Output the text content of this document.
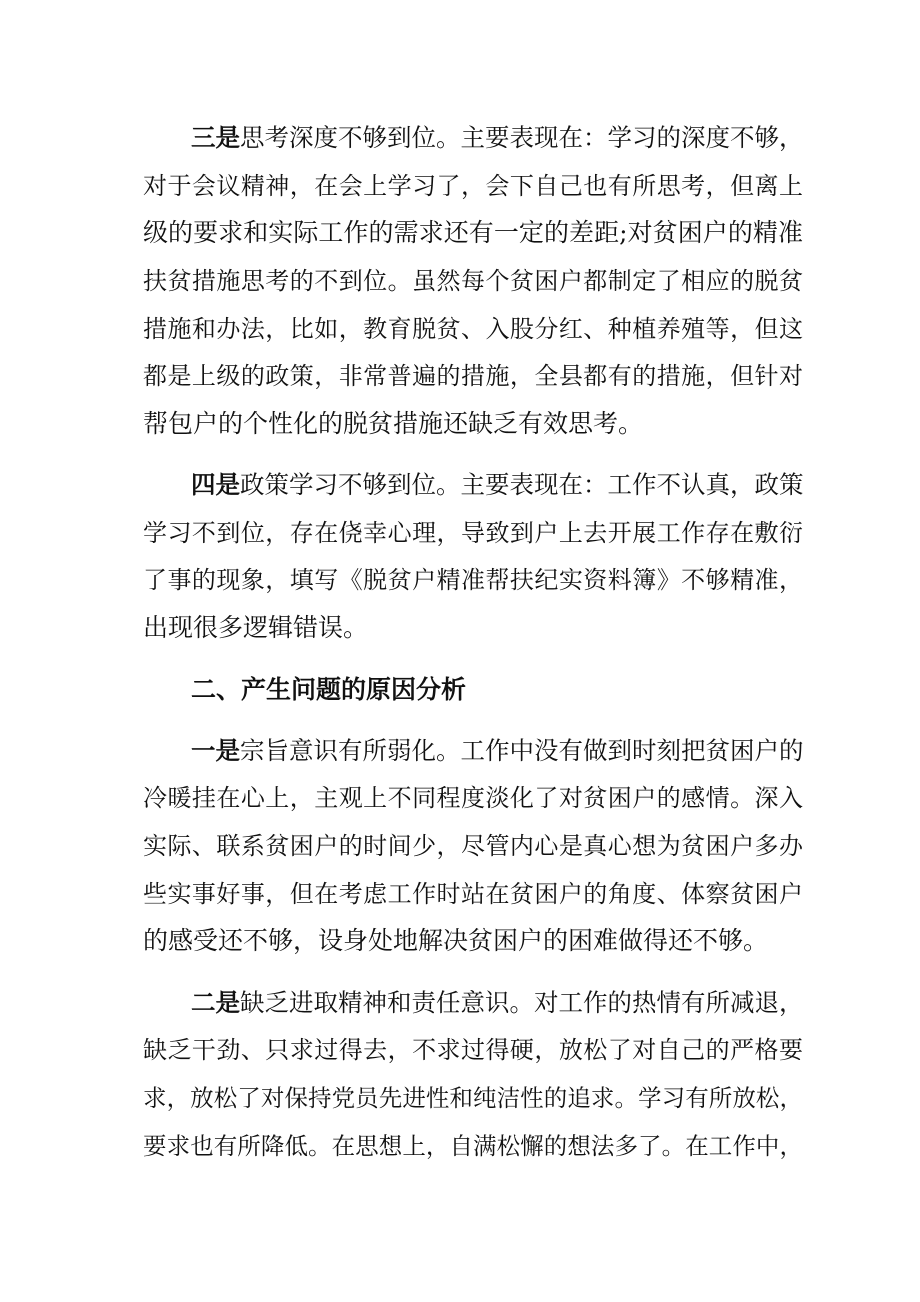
三是思考深度不够到位。主要表现在：学习的深度不够，
对于会议精神，在会上学习了，会下自己也有所思考，但离上
级的要求和实际工作的需求还有一定的差距;对贫困户的精准
扶贫措施思考的不到位。虽然每个贫困户都制定了相应的脱贫
措施和办法，比如，教育脱贫、入股分红、种植养殖等，但这
都是上级的政策，非常普遍的措施，全县都有的措施，但针对
帮包户的个性化的脱贫措施还缺乏有效思考。
四是政策学习不够到位。主要表现在：工作不认真，政策
学习不到位，存在侥幸心理，导致到户上去开展工作存在敷衍
了事的现象，填写《脱贫户精准帮扶纪实资料簿》不够精准，
出现很多逻辑错误。
二、产生问题的原因分析
一是宗旨意识有所弱化。工作中没有做到时刻把贫困户的
冷暖挂在心上，主观上不同程度淡化了对贫困户的感情。深入
实际、联系贫困户的时间少，尽管内心是真心想为贫困户多办
些实事好事，但在考虑工作时站在贫困户的角度、体察贫困户
的感受还不够，设身处地解决贫困户的困难做得还不够。
二是缺乏进取精神和责任意识。对工作的热情有所减退，
缺乏干劲、只求过得去，不求过得硬，放松了对自己的严格要
求，放松了对保持党员先进性和纯洁性的追求。学习有所放松，
要求也有所降低。在思想上，自满松懈的想法多了。在工作中，
